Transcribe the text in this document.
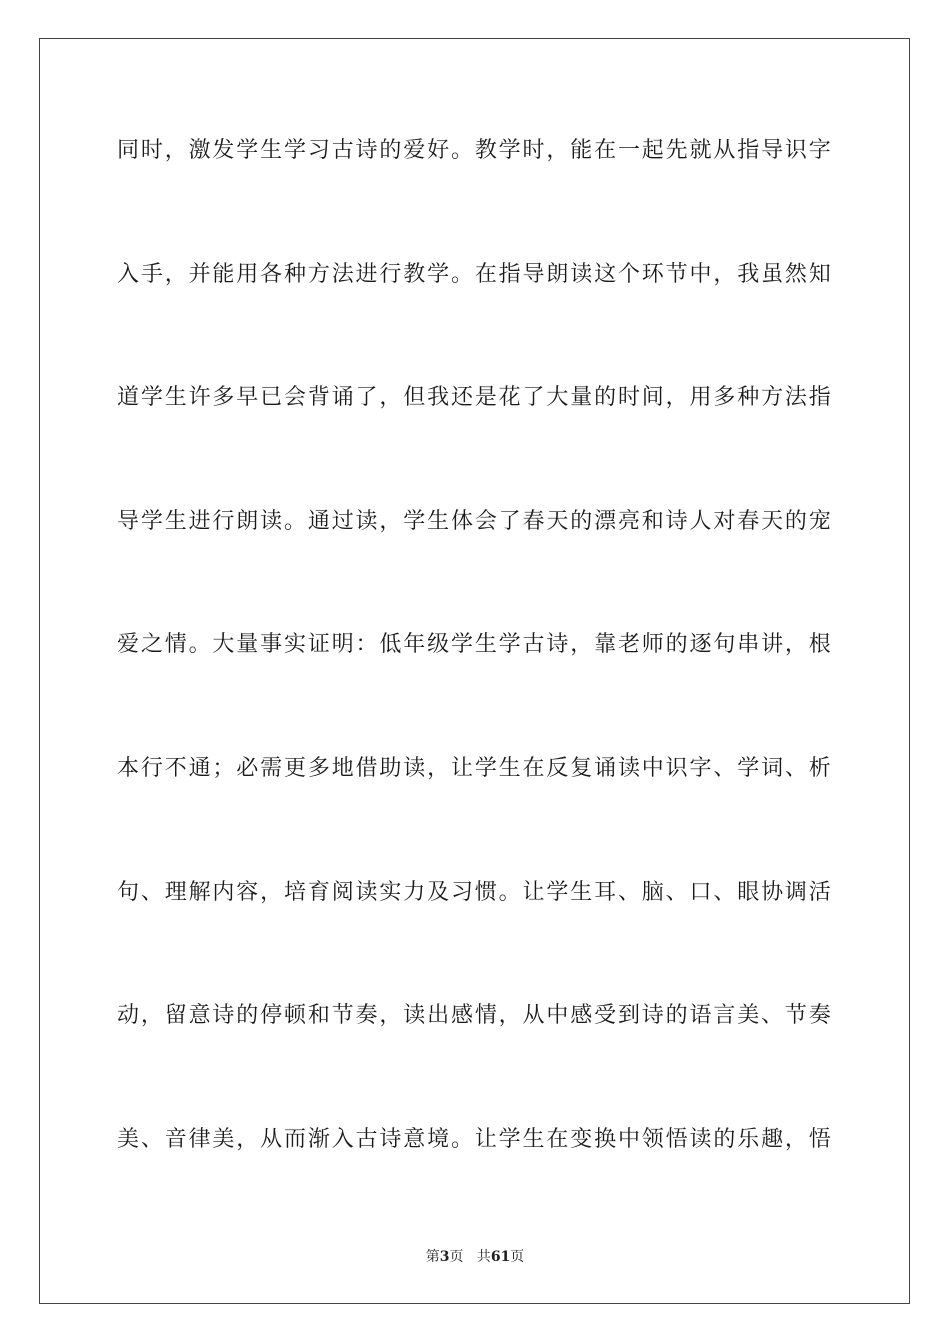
同时，激发学生学习古诗的爱好。教学时，能在一起先就从指导识字
入手，并能用各种方法进行教学。在指导朗读这个环节中，我虽然知
道学生许多早已会背诵了，但我还是花了大量的时间，用多种方法指
导学生进行朗读。通过读，学生体会了春天的漂亮和诗人对春天的宠
爱之情。大量事实证明：低年级学生学古诗，靠老师的逐句串讲，根
本行不通；必需更多地借助读，让学生在反复诵读中识字、学词、析
句、理解内容，培育阅读实力及习惯。让学生耳、脑、口、眼协调活
动，留意诗的停顿和节奏，读出感情，从中感受到诗的语言美、节奏
美、音律美，从而渐入古诗意境。让学生在变换中领悟读的乐趣，悟
第3页 共61页
